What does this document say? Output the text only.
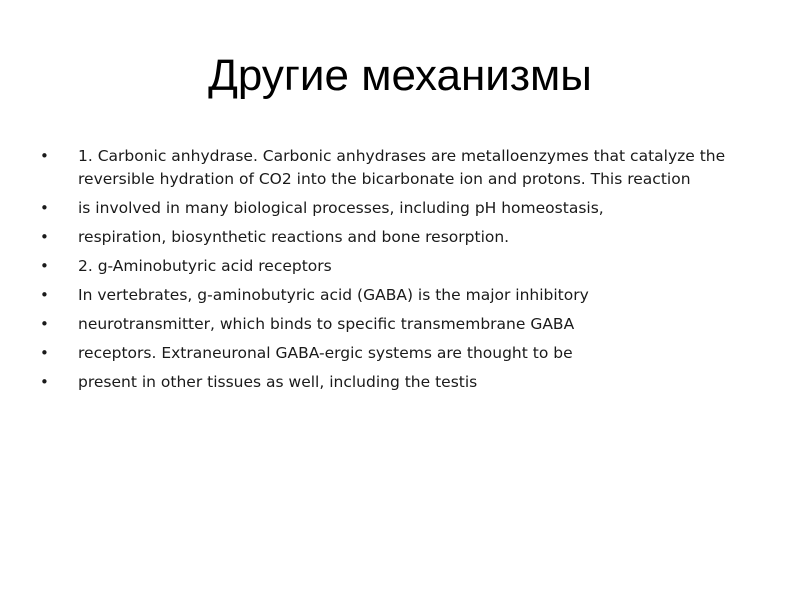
Другие механизмы
•	1. Carbonic anhydrase. Carbonic anhydrases are metalloenzymes that catalyze the reversible hydration of CO2 into the bicarbonate ion and protons. This reaction
•	is involved in many biological processes, including pH homeostasis,
•	respiration, biosynthetic reactions and bone resorption.
•	2. g-Aminobutyric acid receptors
•	In vertebrates, g-aminobutyric acid (GABA) is the major inhibitory
•	neurotransmitter, which binds to specific transmembrane GABA
•	receptors. Extraneuronal GABA-ergic systems are thought to be
•	present in other tissues as well, including the testis
